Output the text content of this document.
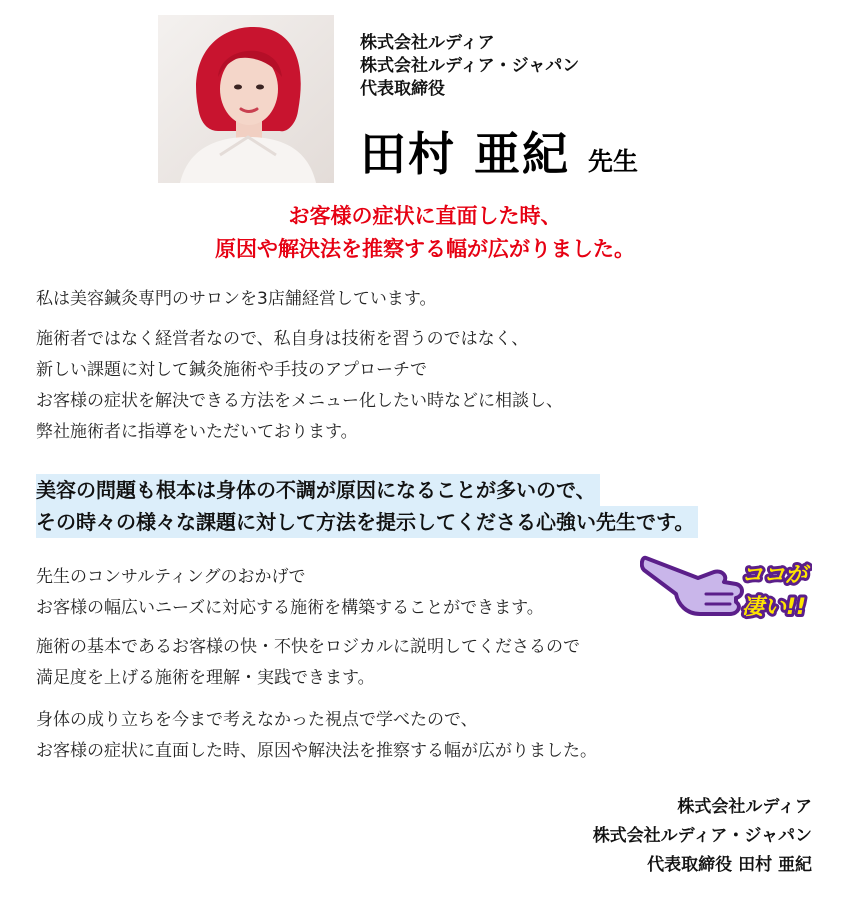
株式会社ルディア
株式会社ルディア・ジャパン
代表取締役
田村 亜紀 先生
お客様の症状に直面した時、
原因や解決法を推察する幅が広がりました。
私は美容鍼灸専門のサロンを3店舗経営しています。
施術者ではなく経営者なので、私自身は技術を習うのではなく、
新しい課題に対して鍼灸施術や手技のアプローチで
お客様の症状を解決できる方法をメニュー化したい時などに相談し、
弊社施術者に指導をいただいております。
美容の問題も根本は身体の不調が原因になることが多いので、
その時々の様々な課題に対して方法を提示してくださる心強い先生です。
先生のコンサルティングのおかげで
お客様の幅広いニーズに対応する施術を構築することができます。
ココが
凄い!!
施術の基本であるお客様の快・不快をロジカルに説明してくださるので
満足度を上げる施術を理解・実践できます。
身体の成り立ちを今まで考えなかった視点で学べたので、
お客様の症状に直面した時、原因や解決法を推察する幅が広がりました。
株式会社ルディア
株式会社ルディア・ジャパン
代表取締役 田村 亜紀
